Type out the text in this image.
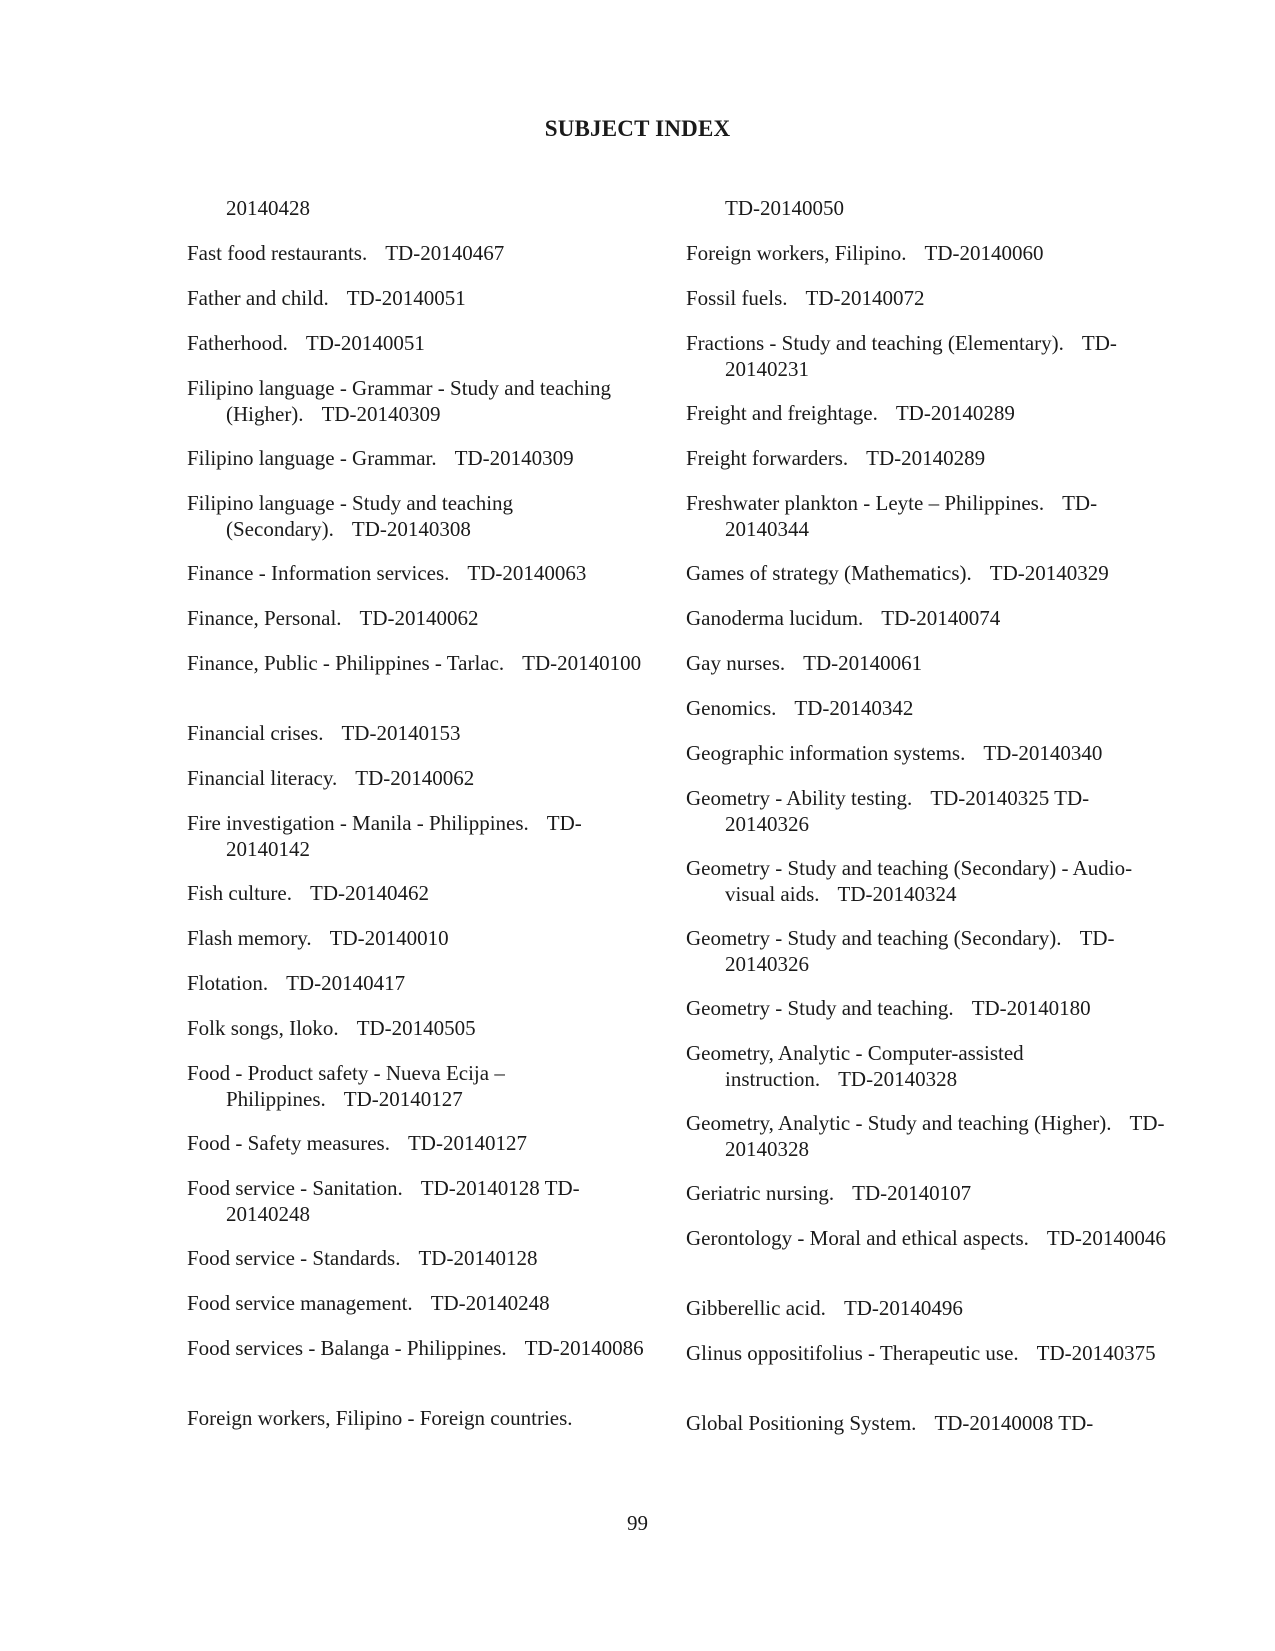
SUBJECT INDEX
20140428
Fast food restaurants. TD-20140467
Father and child. TD-20140051
Fatherhood. TD-20140051
Filipino language - Grammar - Study and teaching (Higher). TD-20140309
Filipino language - Grammar. TD-20140309
Filipino language - Study and teaching (Secondary). TD-20140308
Finance - Information services. TD-20140063
Finance, Personal. TD-20140062
Finance, Public - Philippines - Tarlac. TD-20140100
Financial crises. TD-20140153
Financial literacy. TD-20140062
Fire investigation - Manila - Philippines. TD-20140142
Fish culture. TD-20140462
Flash memory. TD-20140010
Flotation. TD-20140417
Folk songs, Iloko. TD-20140505
Food - Product safety - Nueva Ecija – Philippines. TD-20140127
Food - Safety measures. TD-20140127
Food service - Sanitation. TD-20140128 TD-20140248
Food service - Standards. TD-20140128
Food service management. TD-20140248
Food services - Balanga - Philippines. TD-20140086
Foreign workers, Filipino - Foreign countries.
TD-20140050
Foreign workers, Filipino. TD-20140060
Fossil fuels. TD-20140072
Fractions - Study and teaching (Elementary). TD-20140231
Freight and freightage. TD-20140289
Freight forwarders. TD-20140289
Freshwater plankton - Leyte – Philippines. TD-20140344
Games of strategy (Mathematics). TD-20140329
Ganoderma lucidum. TD-20140074
Gay nurses. TD-20140061
Genomics. TD-20140342
Geographic information systems. TD-20140340
Geometry - Ability testing. TD-20140325 TD-20140326
Geometry - Study and teaching (Secondary) - Audio-visual aids. TD-20140324
Geometry - Study and teaching (Secondary). TD-20140326
Geometry - Study and teaching. TD-20140180
Geometry, Analytic - Computer-assisted instruction. TD-20140328
Geometry, Analytic - Study and teaching (Higher). TD-20140328
Geriatric nursing. TD-20140107
Gerontology - Moral and ethical aspects. TD-20140046
Gibberellic acid. TD-20140496
Glinus oppositifolius - Therapeutic use. TD-20140375
Global Positioning System. TD-20140008 TD-
99
